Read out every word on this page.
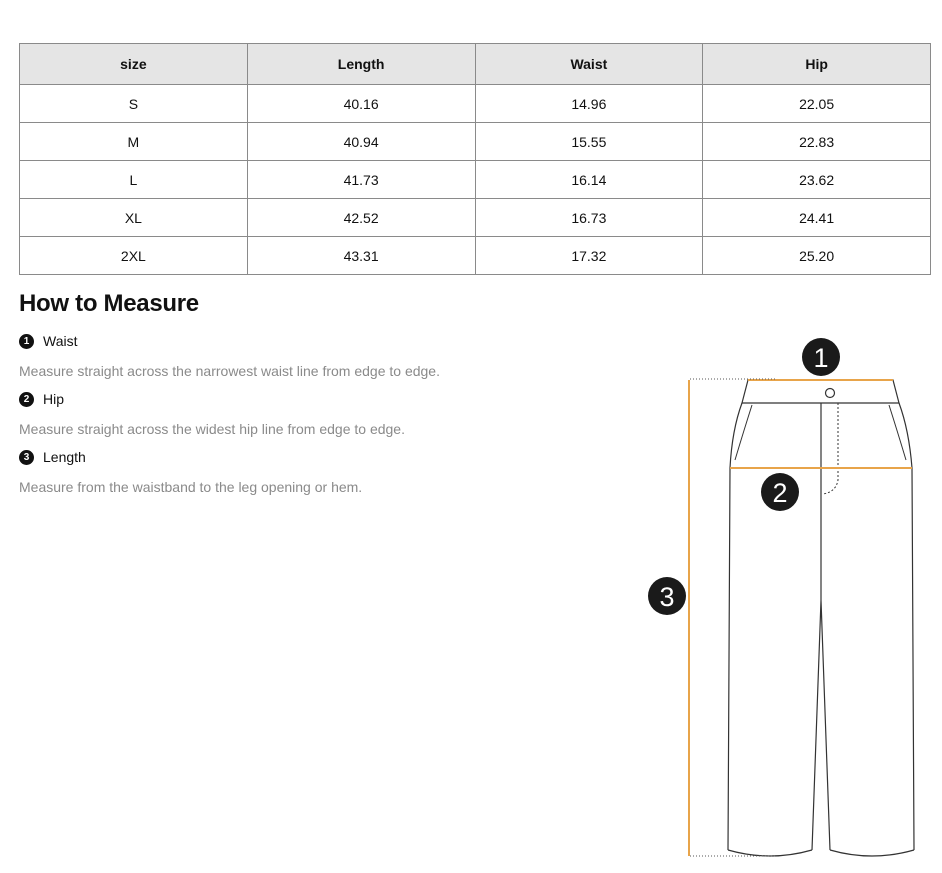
size	Length	Waist	Hip
S	40.16	14.96	22.05
M	40.94	15.55	22.83
L	41.73	16.14	23.62
XL	42.52	16.73	24.41
2XL	43.31	17.32	25.20
How to Measure
1 Waist
Measure straight across the narrowest waist line from edge to edge.
2 Hip
Measure straight across the widest hip line from edge to edge.
3 Length
Measure from the waistband to the leg opening or hem.
1
2
3
